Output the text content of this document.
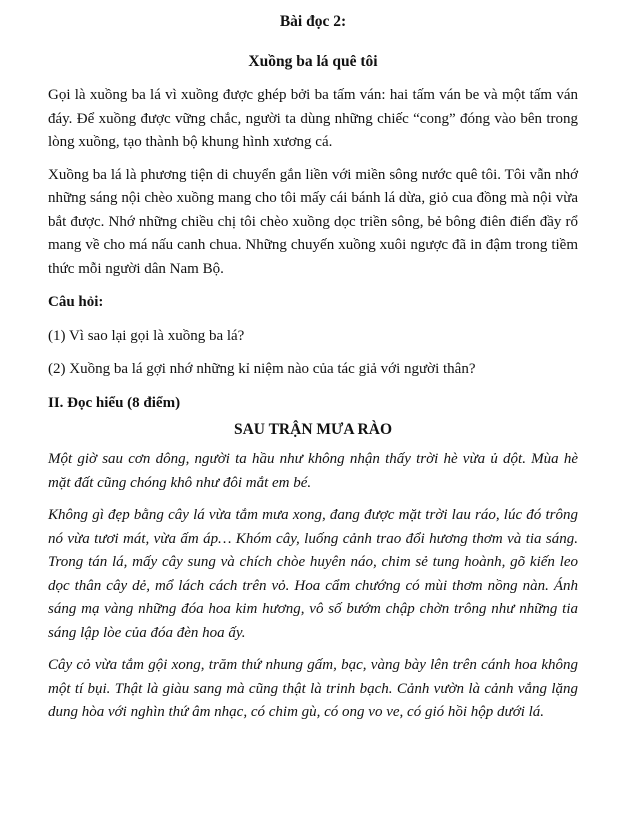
Bài đọc 2:
Xuồng ba lá quê tôi

Gọi là xuồng ba lá vì xuồng được ghép bởi ba tấm ván: hai tấm ván be và một tấm ván đáy. Để xuồng được vững chắc, người ta dùng những chiếc “cong” đóng vào bên trong lòng xuồng, tạo thành bộ khung hình xương cá.

Xuồng ba lá là phương tiện di chuyển gắn liền với miền sông nước quê tôi. Tôi vẫn nhớ những sáng nội chèo xuồng mang cho tôi mấy cái bánh lá dừa, giỏ cua đồng mà nội vừa bắt được. Nhớ những chiều chị tôi chèo xuồng dọc triền sông, bẻ bông điên điển đầy rổ mang về cho má nấu canh chua. Những chuyến xuồng xuôi ngược đã in đậm trong tiềm thức mỗi người dân Nam Bộ.

Câu hỏi:

(1) Vì sao lại gọi là xuồng ba lá?

(2) Xuồng ba lá gợi nhớ những kỉ niệm nào của tác giả với người thân?

II. Đọc hiểu (8 điểm)

SAU TRẬN MƯA RÀO

Một giờ sau cơn dông, người ta hầu như không nhận thấy trời hè vừa ủ dột. Mùa hè mặt đất cũng chóng khô như đôi mắt em bé.

Không gì đẹp bằng cây lá vừa tắm mưa xong, đang được mặt trời lau ráo, lúc đó trông nó vừa tươi mát, vừa ấm áp… Khóm cây, luống cảnh trao đổi hương thơm và tia sáng. Trong tán lá, mấy cây sung và chích chòe huyên náo, chim sẻ tung hoành, gõ kiến leo dọc thân cây dẻ, mổ lách cách trên vỏ. Hoa cẩm chướng có mùi thơm nồng nàn. Ánh sáng mạ vàng những đóa hoa kim hương, vô số bướm chập chờn trông như những tia sáng lập lòe của đóa đèn hoa ấy.

Cây cỏ vừa tắm gội xong, trăm thứ nhung gấm, bạc, vàng bày lên trên cánh hoa không một tí bụi. Thật là giàu sang mà cũng thật là trinh bạch. Cảnh vườn là cảnh vắng lặng dung hòa với nghìn thứ âm nhạc, có chim gù, có ong vo ve, có gió hồi hộp dưới lá.
